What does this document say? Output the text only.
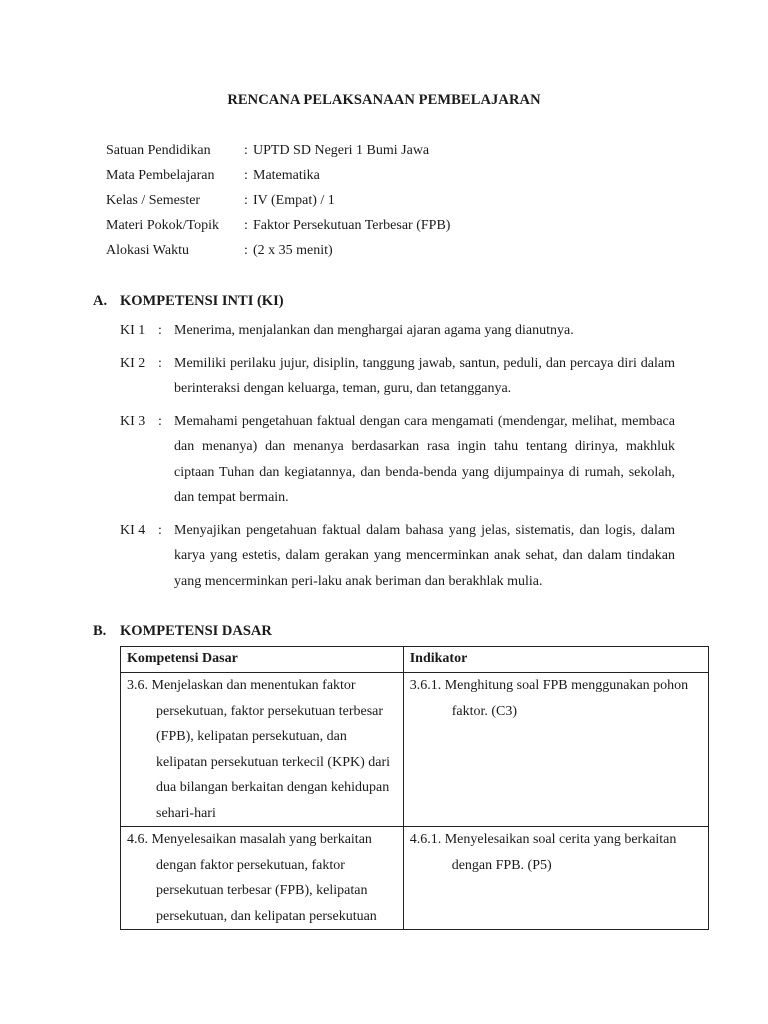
RENCANA PELAKSANAAN PEMBELAJARAN
Satuan Pendidikan	: UPTD SD Negeri 1 Bumi Jawa
Mata Pembelajaran	: Matematika
Kelas / Semester	: IV (Empat) / 1
Materi Pokok/Topik	: Faktor Persekutuan Terbesar (FPB)
Alokasi Waktu	: (2 x 35 menit)
A. KOMPETENSI INTI (KI)
KI 1 : Menerima, menjalankan dan menghargai ajaran agama yang dianutnya.
KI 2 : Memiliki perilaku jujur, disiplin, tanggung jawab, santun, peduli, dan percaya diri dalam berinteraksi dengan keluarga, teman, guru, dan tetangganya.
KI 3 : Memahami pengetahuan faktual dengan cara mengamati (mendengar, melihat, membaca dan menanya) dan menanya berdasarkan rasa ingin tahu tentang dirinya, makhluk ciptaan Tuhan dan kegiatannya, dan benda-benda yang dijumpainya di rumah, sekolah, dan tempat bermain.
KI 4 : Menyajikan pengetahuan faktual dalam bahasa yang jelas, sistematis, dan logis, dalam karya yang estetis, dalam gerakan yang mencerminkan anak sehat, dan dalam tindakan yang mencerminkan peri-laku anak beriman dan berakhlak mulia.
B. KOMPETENSI DASAR
Kompetensi Dasar	Indikator

3.6. Menjelaskan dan menentukan faktor persekutuan, faktor persekutuan terbesar (FPB), kelipatan persekutuan, dan kelipatan persekutuan terkecil (KPK) dari dua bilangan berkaitan dengan kehidupan sehari-hari	3.6.1. Menghitung soal FPB menggunakan pohon faktor. (C3)

4.6. Menyelesaikan masalah yang berkaitan dengan faktor persekutuan, faktor persekutuan terbesar (FPB), kelipatan persekutuan, dan kelipatan persekutuan	4.6.1. Menyelesaikan soal cerita yang berkaitan dengan FPB. (P5)
